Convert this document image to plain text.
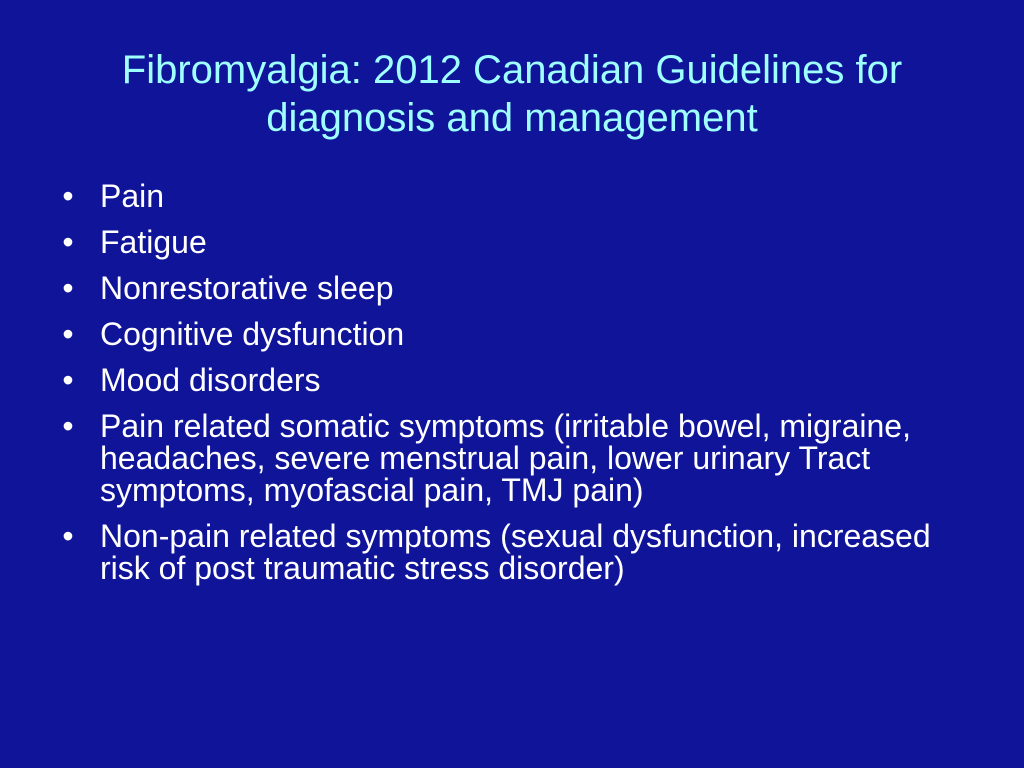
Fibromyalgia: 2012 Canadian Guidelines for
diagnosis and management
• Pain
• Fatigue
• Nonrestorative sleep
• Cognitive dysfunction
• Mood disorders
• Pain related somatic symptoms (irritable bowel, migraine, headaches, severe menstrual pain, lower urinary Tract symptoms, myofascial pain, TMJ pain)
• Non-pain related symptoms (sexual dysfunction, increased risk of post traumatic stress disorder)
